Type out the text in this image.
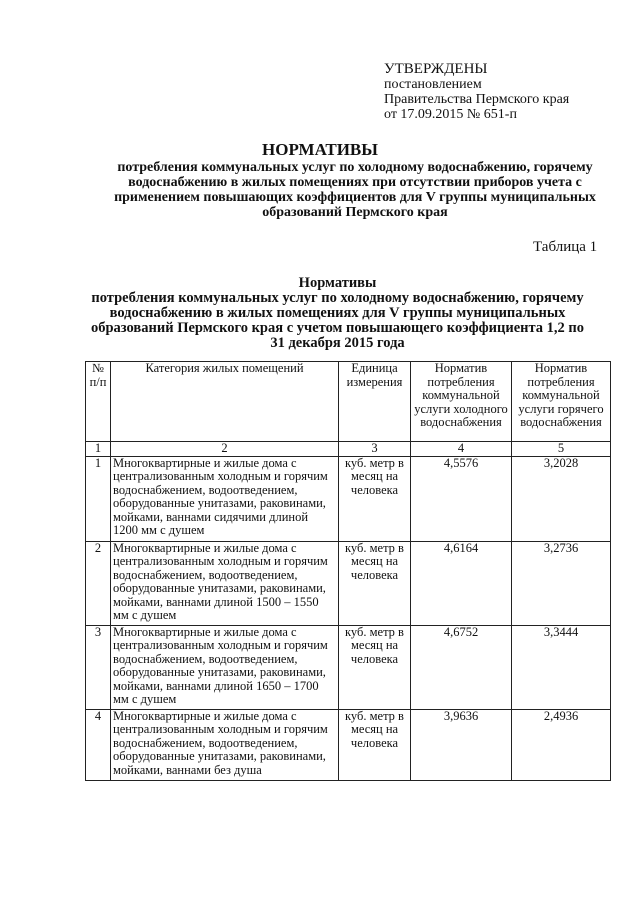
УТВЕРЖДЕНЫ
постановлением
Правительства Пермского края
от 17.09.2015 № 651-п
НОРМАТИВЫ
потребления коммунальных услуг по холодному водоснабжению, горячему водоснабжению в жилых помещениях при отсутствии приборов учета с применением повышающих коэффициентов для V группы муниципальных образований Пермского края
Таблица 1
Нормативы
потребления коммунальных услуг по холодному водоснабжению, горячему водоснабжению в жилых помещениях для V группы муниципальных образований Пермского края с учетом повышающего коэффициента 1,2 по 31 декабря 2015 года
№ п/п	Категория жилых помещений	Единица измерения	Норматив потребления коммунальной услуги холодного водоснабжения	Норматив потребления коммунальной услуги горячего водоснабжения
1	2	3	4	5
1	Многоквартирные и жилые дома с централизованным холодным и горячим водоснабжением, водоотведением, оборудованные унитазами, раковинами, мойками, ваннами сидячими длиной 1200 мм с душем	куб. метр в месяц на человека	4,5576	3,2028
2	Многоквартирные и жилые дома с централизованным холодным и горячим водоснабжением, водоотведением, оборудованные унитазами, раковинами, мойками, ваннами длиной 1500 – 1550 мм с душем	куб. метр в месяц на человека	4,6164	3,2736
3	Многоквартирные и жилые дома с централизованным холодным и горячим водоснабжением, водоотведением, оборудованные унитазами, раковинами, мойками, ваннами длиной 1650 – 1700 мм с душем	куб. метр в месяц на человека	4,6752	3,3444
4	Многоквартирные и жилые дома с централизованным холодным и горячим водоснабжением, водоотведением, оборудованные унитазами, раковинами, мойками, ваннами без душа	куб. метр в месяц на человека	3,9636	2,4936
